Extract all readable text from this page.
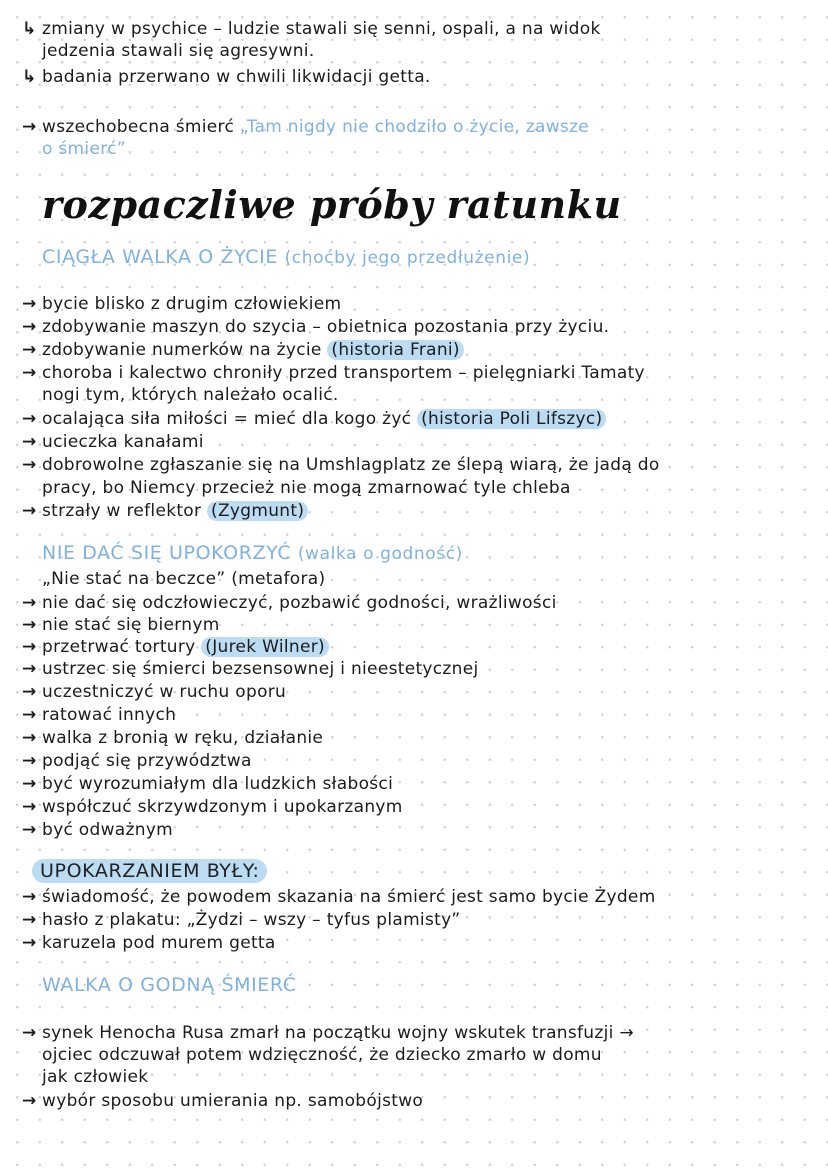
↳ zmiany w psychice – ludzie stawali się senni, ospali, a na widok
jedzenia stawali się agresywni.
↳ badania przerwano w chwili likwidacji getta.
→ wszechobecna śmierć „Tam nigdy nie chodziło o życie, zawsze
o śmierć”
rozpaczliwe próby ratunku
CIĄGŁA WALKA O ŻYCIE (choćby jego przedłużenie)
→ bycie blisko z drugim człowiekiem
→ zdobywanie maszyn do szycia – obietnica pozostania przy życiu.
→ zdobywanie numerków na życie (historia Frani)
→ choroba i kalectwo chroniły przed transportem – pielęgniarki Tamaty
nogi tym, których należało ocalić.
→ ocalająca siła miłości = mieć dla kogo żyć (historia Poli Lifszyc)
→ ucieczka kanałami
→ dobrowolne zgłaszanie się na Umshlagplatz ze ślepą wiarą, że jadą do
pracy, bo Niemcy przecież nie mogą zmarnować tyle chleba
→ strzały w reflektor (Zygmunt)
NIE DAĆ SIĘ UPOKORZYĆ (walka o godność)
„Nie stać na beczce” (metafora)
→ nie dać się odczłowieczyć, pozbawić godności, wrażliwości
→ nie stać się biernym
→ przetrwać tortury (Jurek Wilner)
→ ustrzec się śmierci bezsensownej i nieestetycznej
→ uczestniczyć w ruchu oporu
→ ratować innych
→ walka z bronią w ręku, działanie
→ podjąć się przywództwa
→ być wyrozumiałym dla ludzkich słabości
→ współczuć skrzywdzonym i upokarzanym
→ być odważnym
UPOKARZANIEM BYŁY:
→ świadomość, że powodem skazania na śmierć jest samo bycie Żydem
→ hasło z plakatu: „Żydzi – wszy – tyfus plamisty”
→ karuzela pod murem getta
WALKA O GODNĄ ŚMIERĆ
→ synek Henocha Rusa zmarł na początku wojny wskutek transfuzji →
ojciec odczuwał potem wdzięczność, że dziecko zmarło w domu
jak człowiek
→ wybór sposobu umierania np. samobójstwo
